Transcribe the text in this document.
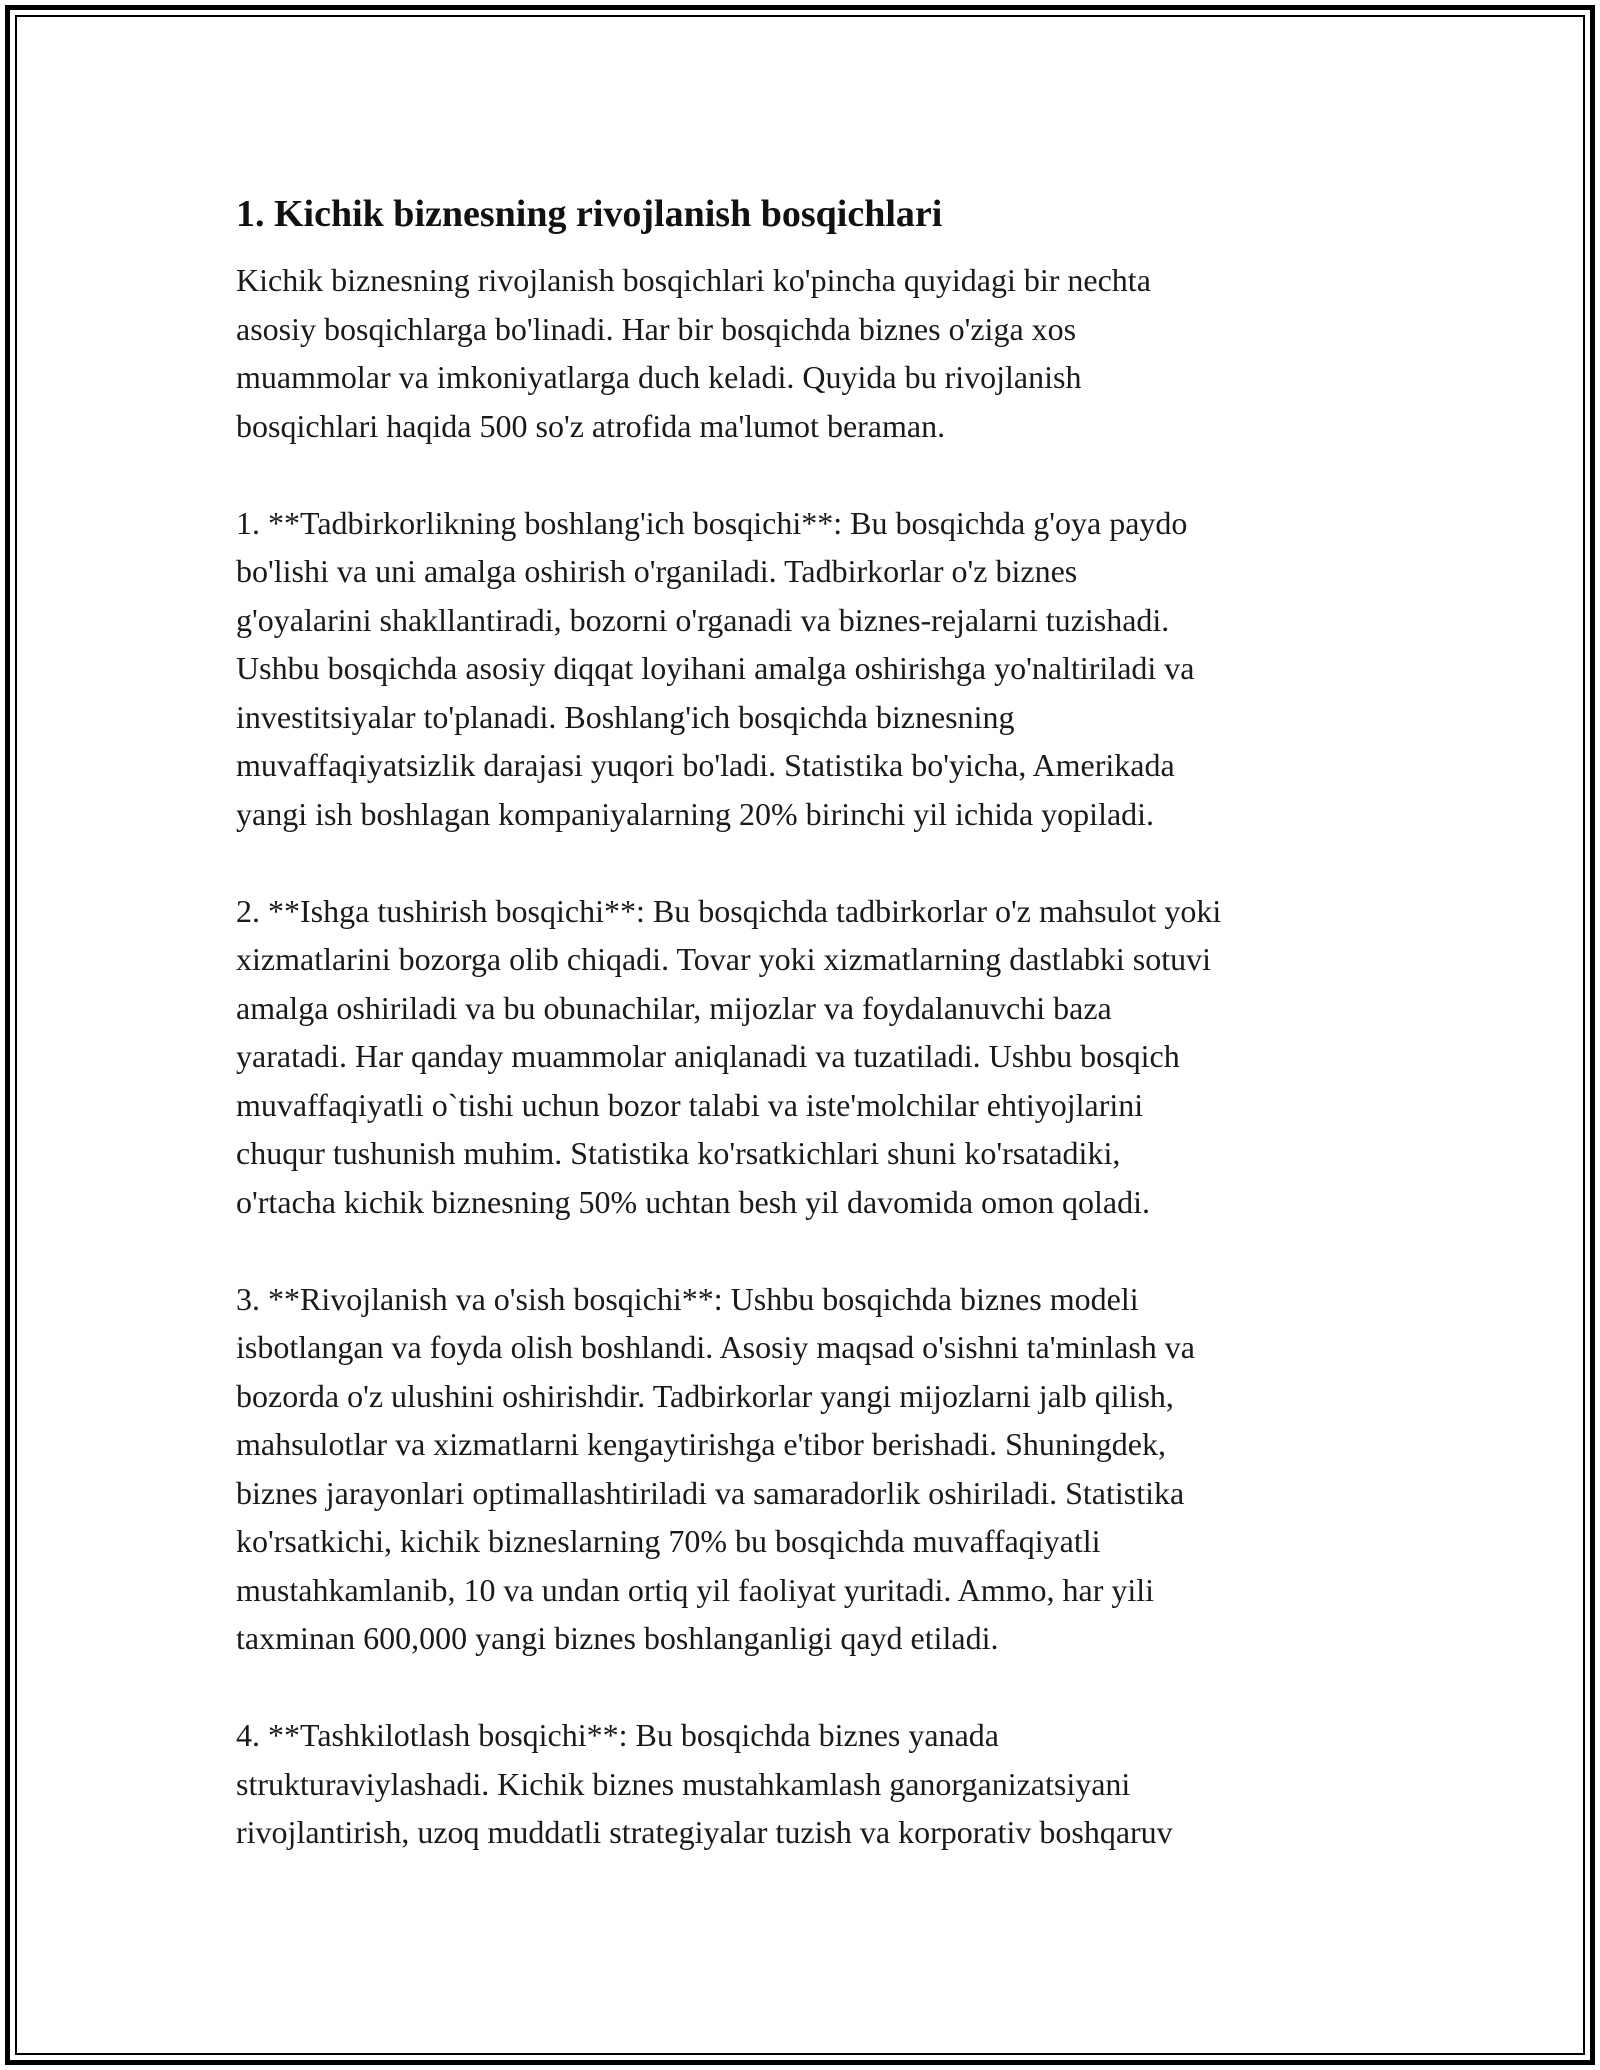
1. Kichik biznesning rivojlanish bosqichlari

Kichik biznesning rivojlanish bosqichlari ko'pincha quyidagi bir nechta
asosiy bosqichlarga bo'linadi. Har bir bosqichda biznes o'ziga xos
muammolar va imkoniyatlarga duch keladi. Quyida bu rivojlanish
bosqichlari haqida 500 so'z atrofida ma'lumot beraman.

1. **Tadbirkorlikning boshlang'ich bosqichi**: Bu bosqichda g'oya paydo
bo'lishi va uni amalga oshirish o'rganiladi. Tadbirkorlar o'z biznes
g'oyalarini shakllantiradi, bozorni o'rganadi va biznes-rejalarni tuzishadi.
Ushbu bosqichda asosiy diqqat loyihani amalga oshirishga yo'naltiriladi va
investitsiyalar to'planadi. Boshlang'ich bosqichda biznesning
muvaffaqiyatsizlik darajasi yuqori bo'ladi. Statistika bo'yicha, Amerikada
yangi ish boshlagan kompaniyalarning 20% birinchi yil ichida yopiladi.

2. **Ishga tushirish bosqichi**: Bu bosqichda tadbirkorlar o'z mahsulot yoki
xizmatlarini bozorga olib chiqadi. Tovar yoki xizmatlarning dastlabki sotuvi
amalga oshiriladi va bu obunachilar, mijozlar va foydalanuvchi baza
yaratadi. Har qanday muammolar aniqlanadi va tuzatiladi. Ushbu bosqich
muvaffaqiyatli o`tishi uchun bozor talabi va iste'molchilar ehtiyojlarini
chuqur tushunish muhim. Statistika ko'rsatkichlari shuni ko'rsatadiki,
o'rtacha kichik biznesning 50% uchtan besh yil davomida omon qoladi.

3. **Rivojlanish va o'sish bosqichi**: Ushbu bosqichda biznes modeli
isbotlangan va foyda olish boshlandi. Asosiy maqsad o'sishni ta'minlash va
bozorda o'z ulushini oshirishdir. Tadbirkorlar yangi mijozlarni jalb qilish,
mahsulotlar va xizmatlarni kengaytirishga e'tibor berishadi. Shuningdek,
biznes jarayonlari optimallashtiriladi va samaradorlik oshiriladi. Statistika
ko'rsatkichi, kichik bizneslarning 70% bu bosqichda muvaffaqiyatli
mustahkamlanib, 10 va undan ortiq yil faoliyat yuritadi. Ammo, har yili
taxminan 600,000 yangi biznes boshlanganligi qayd etiladi.

4. **Tashkilotlash bosqichi**: Bu bosqichda biznes yanada
strukturaviylashadi. Kichik biznes mustahkamlash ganorganizatsiyani
rivojlantirish, uzoq muddatli strategiyalar tuzish va korporativ boshqaruv
